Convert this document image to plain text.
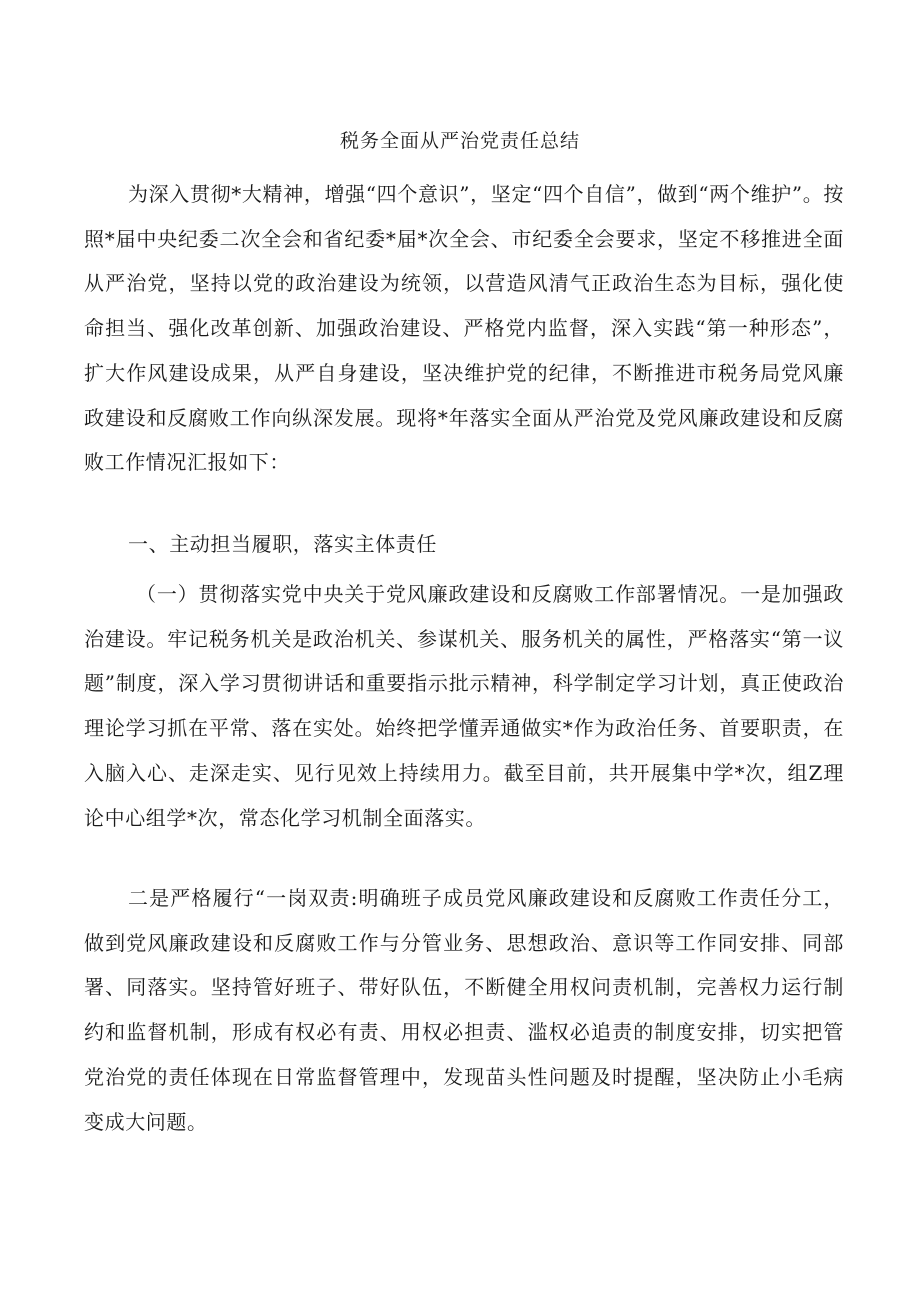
税务全面从严治党责任总结
为深入贯彻*大精神，增强“四个意识”，坚定“四个自信”，做到“两个维护”。按照*届中央纪委二次全会和省纪委*届*次全会、市纪委全会要求，坚定不移推进全面从严治党，坚持以党的政治建设为统领，以营造风清气正政治生态为目标，强化使命担当、强化改革创新、加强政治建设、严格党内监督，深入实践“第一种形态”，扩大作风建设成果，从严自身建设，坚决维护党的纪律，不断推进市税务局党风廉政建设和反腐败工作向纵深发展。现将*年落实全面从严治党及党风廉政建设和反腐败工作情况汇报如下：
一、主动担当履职，落实主体责任
（一）贯彻落实党中央关于党风廉政建设和反腐败工作部署情况。一是加强政治建设。牢记税务机关是政治机关、参谋机关、服务机关的属性，严格落实“第一议题”制度，深入学习贯彻讲话和重要指示批示精神，科学制定学习计划，真正使政治理论学习抓在平常、落在实处。始终把学懂弄通做实*作为政治任务、首要职责，在入脑入心、走深走实、见行见效上持续用力。截至目前，共开展集中学*次，组Z理论中心组学*次，常态化学习机制全面落实。
二是严格履行“一岗双责:明确班子成员党风廉政建设和反腐败工作责任分工，做到党风廉政建设和反腐败工作与分管业务、思想政治、意识等工作同安排、同部署、同落实。坚持管好班子、带好队伍，不断健全用权问责机制，完善权力运行制约和监督机制，形成有权必有责、用权必担责、滥权必追责的制度安排，切实把管党治党的责任体现在日常监督管理中，发现苗头性问题及时提醒，坚决防止小毛病变成大问题。
